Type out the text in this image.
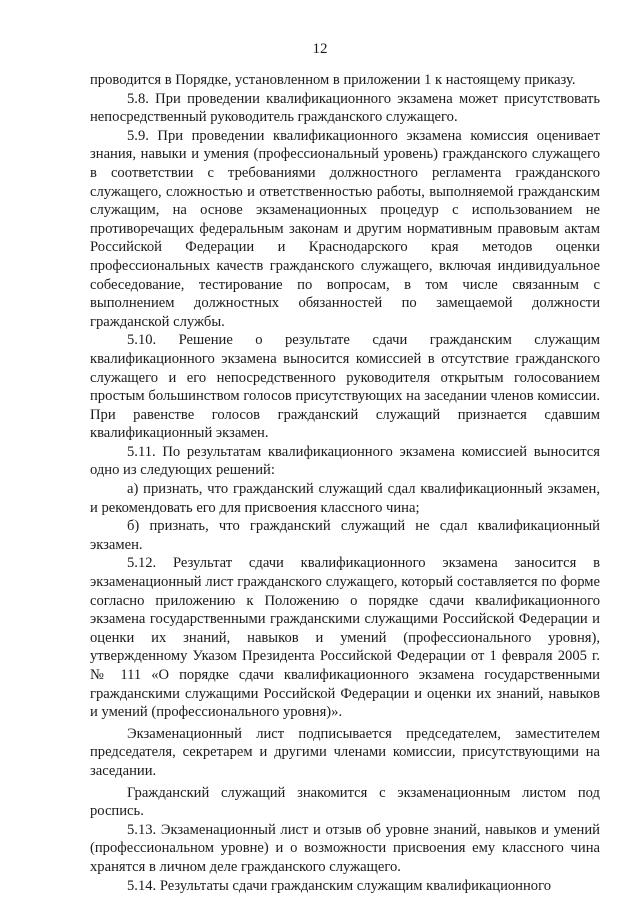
12

проводится в Порядке, установленном в приложении 1 к настоящему приказу.

5.8. При проведении квалификационного экзамена может присутствовать непосредственный руководитель гражданского служащего.

5.9. При проведении квалификационного экзамена комиссия оценивает знания, навыки и умения (профессиональный уровень) гражданского служащего в соответствии с требованиями должностного регламента гражданского служащего, сложностью и ответственностью работы, выполняемой гражданским служащим, на основе экзаменационных процедур с использованием не противоречащих федеральным законам и другим нормативным правовым актам Российской Федерации и Краснодарского края методов оценки профессиональных качеств гражданского служащего, включая индивидуальное собеседование, тестирование по вопросам, в том числе связанным с выполнением должностных обязанностей по замещаемой должности гражданской службы.

5.10. Решение о результате сдачи гражданским служащим квалификационного экзамена выносится комиссией в отсутствие гражданского служащего и его непосредственного руководителя открытым голосованием простым большинством голосов присутствующих на заседании членов комиссии. При равенстве голосов гражданский служащий признается сдавшим квалификационный экзамен.

5.11. По результатам квалификационного экзамена комиссией выносится одно из следующих решений:

а) признать, что гражданский служащий сдал квалификационный экзамен, и рекомендовать его для присвоения классного чина;

б) признать, что гражданский служащий не сдал квалификационный экзамен.

5.12. Результат сдачи квалификационного экзамена заносится в экзаменационный лист гражданского служащего, который составляется по форме согласно приложению к Положению о порядке сдачи квалификационного экзамена государственными гражданскими служащими Российской Федерации и оценки их знаний, навыков и умений (профессионального уровня), утвержденному Указом Президента Российской Федерации от 1 февраля 2005 г. № 111 «О порядке сдачи квалификационного экзамена государственными гражданскими служащими Российской Федерации и оценки их знаний, навыков и умений (профессионального уровня)».

Экзаменационный лист подписывается председателем, заместителем председателя, секретарем и другими членами комиссии, присутствующими на заседании.

Гражданский служащий знакомится с экзаменационным листом под роспись.

5.13. Экзаменационный лист и отзыв об уровне знаний, навыков и умений (профессиональном уровне) и о возможности присвоения ему классного чина хранятся в личном деле гражданского служащего.

5.14. Результаты сдачи гражданским служащим квалификационного
